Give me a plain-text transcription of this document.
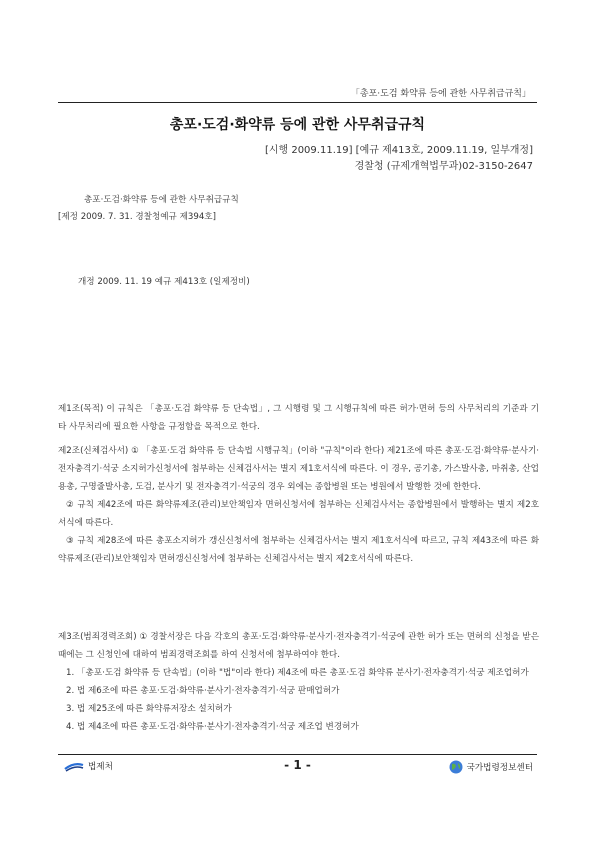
「총포·도검 화약류 등에 관한 사무취급규칙」
총포·도검·화약류 등에 관한 사무취급규칙
[시행 2009.11.19] [예규 제413호, 2009.11.19, 일부개정]
경찰청 (규제개혁법무과)02-3150-2647
총포·도검·화약류 등에 관한 사무취급규칙
[제정 2009. 7. 31. 경찰청예규 제394호]
개정 2009. 11. 19 예규 제413호 (일제정비)

제1조(목적) 이 규칙은 「총포·도검 화약류 등 단속법」, 그 시행령 및 그 시행규칙에 따른 허가·면허 등의 사무처리의 기준과 기타 사무처리에 필요한 사항을 규정함을 목적으로 한다.

제2조(신체검사서) ① 「총포·도검 화약류 등 단속법 시행규칙」(이하 "규칙"이라 한다) 제21조에 따른 총포·도검·화약류·분사기·전자충격기·석궁 소지허가신청서에 첨부하는 신체검사서는 별지 제1호서식에 따른다. 이 경우, 공기총, 가스발사총, 마취총, 산업용총, 구명줄발사총, 도검, 분사기 및 전자충격기·석궁의 경우 외에는 종합병원 또는 병원에서 발행한 것에 한한다.

② 규칙 제42조에 따른 화약류제조(관리)보안책임자 면허신청서에 첨부하는 신체검사서는 종합병원에서 발행하는 별지 제2호서식에 따른다.

③ 규칙 제28조에 따른 총포소지허가 갱신신청서에 첨부하는 신체검사서는 별지 제1호서식에 따르고, 규칙 제43조에 따른 화약류제조(관리)보안책임자 면허갱신신청서에 첨부하는 신체검사서는 별지 제2호서식에 따른다.

제3조(범죄경력조회) ① 경찰서장은 다음 각호의 총포·도검·화약류·분사기·전자충격기·석궁에 관한 허가 또는 면허의 신청을 받은 때에는 그 신청인에 대하여 범죄경력조회를 하여 신청서에 첨부하여야 한다.

1. 「총포·도검 화약류 등 단속법」(이하 "법"이라 한다) 제4조에 따른 총포·도검 화약류 분사기·전자충격기·석궁 제조업허가

2. 법 제6조에 따른 총포·도검·화약류·분사기·전자충격기·석궁 판매업허가

3. 법 제25조에 따른 화약류저장소 설치허가

4. 법 제4조에 따른 총포·도검·화약류·분사기·전자충격기·석궁 제조업 변경허가

법제처	- 1 -	국가법령정보센터
